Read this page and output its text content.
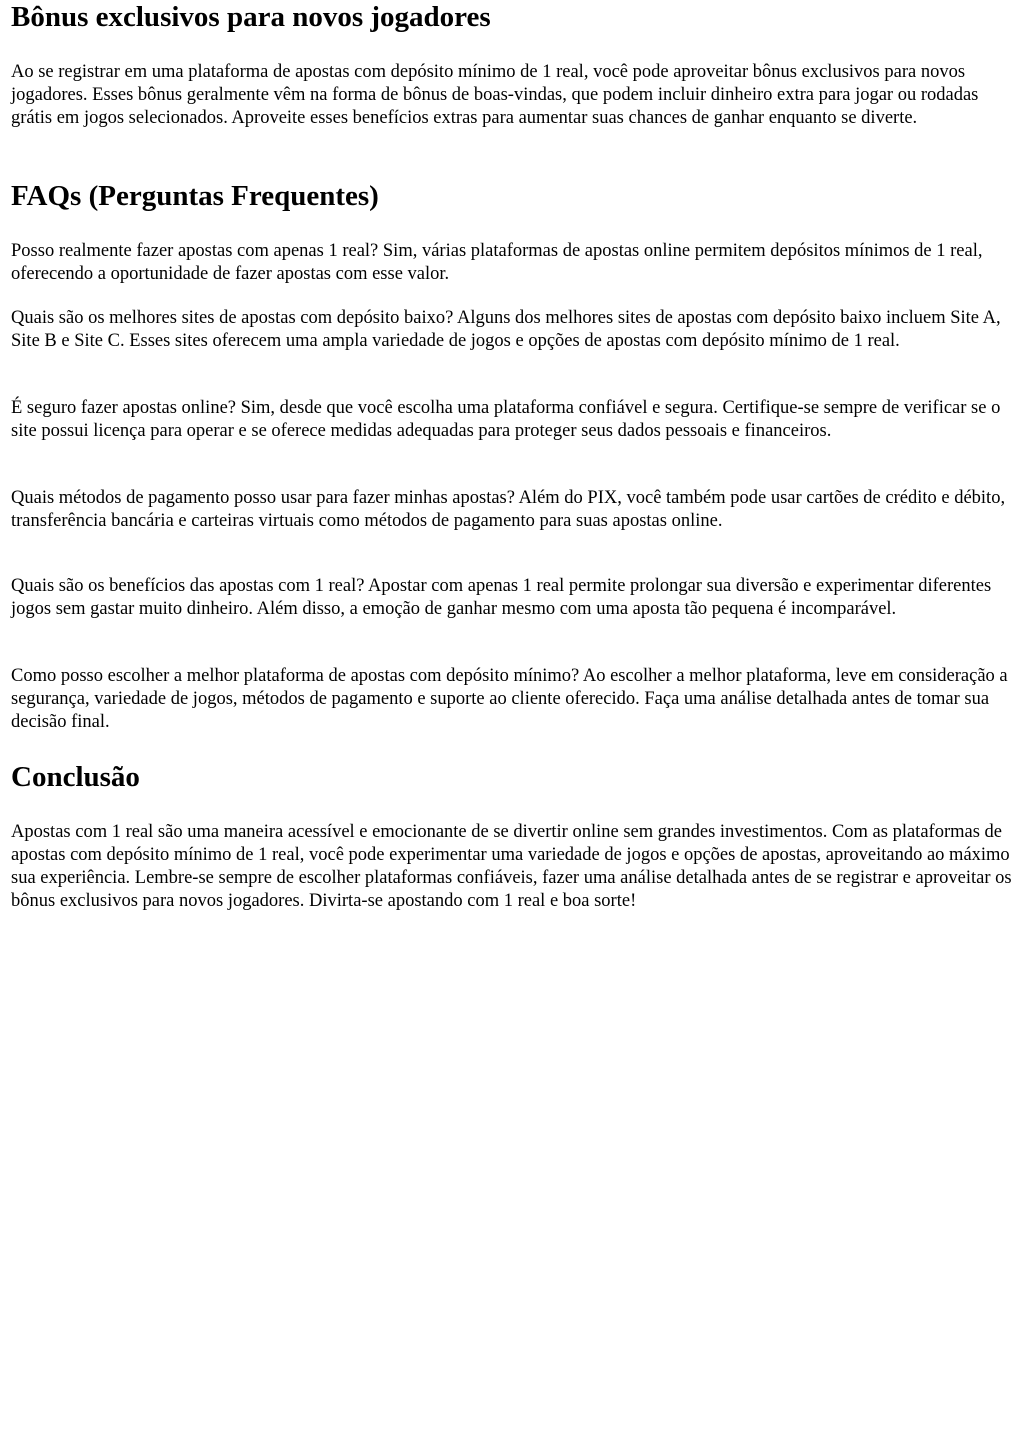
Bônus exclusivos para novos jogadores

Ao se registrar em uma plataforma de apostas com depósito mínimo de 1 real, você pode aproveitar bônus exclusivos para novos jogadores. Esses bônus geralmente vêm na forma de bônus de boas-vindas, que podem incluir dinheiro extra para jogar ou rodadas grátis em jogos selecionados. Aproveite esses benefícios extras para aumentar suas chances de ganhar enquanto se diverte.

FAQs (Perguntas Frequentes)

Posso realmente fazer apostas com apenas 1 real? Sim, várias plataformas de apostas online permitem depósitos mínimos de 1 real, oferecendo a oportunidade de fazer apostas com esse valor.

Quais são os melhores sites de apostas com depósito baixo? Alguns dos melhores sites de apostas com depósito baixo incluem Site A, Site B e Site C. Esses sites oferecem uma ampla variedade de jogos e opções de apostas com depósito mínimo de 1 real.

É seguro fazer apostas online? Sim, desde que você escolha uma plataforma confiável e segura. Certifique-se sempre de verificar se o site possui licença para operar e se oferece medidas adequadas para proteger seus dados pessoais e financeiros.

Quais métodos de pagamento posso usar para fazer minhas apostas? Além do PIX, você também pode usar cartões de crédito e débito, transferência bancária e carteiras virtuais como métodos de pagamento para suas apostas online.

Quais são os benefícios das apostas com 1 real? Apostar com apenas 1 real permite prolongar sua diversão e experimentar diferentes jogos sem gastar muito dinheiro. Além disso, a emoção de ganhar mesmo com uma aposta tão pequena é incomparável.

Como posso escolher a melhor plataforma de apostas com depósito mínimo? Ao escolher a melhor plataforma, leve em consideração a segurança, variedade de jogos, métodos de pagamento e suporte ao cliente oferecido. Faça uma análise detalhada antes de tomar sua decisão final.

Conclusão

Apostas com 1 real são uma maneira acessível e emocionante de se divertir online sem grandes investimentos. Com as plataformas de apostas com depósito mínimo de 1 real, você pode experimentar uma variedade de jogos e opções de apostas, aproveitando ao máximo sua experiência. Lembre-se sempre de escolher plataformas confiáveis, fazer uma análise detalhada antes de se registrar e aproveitar os bônus exclusivos para novos jogadores. Divirta-se apostando com 1 real e boa sorte!
